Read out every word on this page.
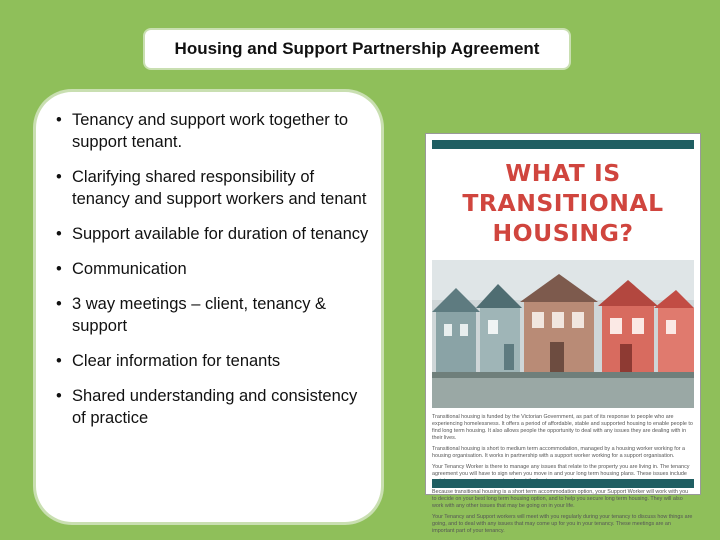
Housing and Support Partnership Agreement
• Tenancy and support work together to support tenant.
• Clarifying shared responsibility of tenancy and support workers and tenant
• Support available for duration of tenancy
• Communication
• 3 way meetings – client, tenancy & support
• Clear information for tenants
• Shared understanding and consistency of practice
WHAT IS
TRANSITIONAL
HOUSING?
Transitional housing is funded by the Victorian Government, as part of its response to people who are experiencing homelessness. It offers a period of affordable, stable and supported housing to enable people to find long term housing. It also allows people the opportunity to deal with any issues they are dealing with in their lives.
Transitional housing is short to medium term accommodation, managed by a housing worker working for a housing organisation. It works in partnership with a support worker working for a support organisation.
Your Tenancy Worker is there to manage any issues that relate to the property you are living in. The tenancy agreement you will have to sign when you move in and your long term housing plans. These issues include
Because transitional housing is a short term accommodation option, your Support Worker will work with you to decide on your best long term housing option, and to help you secure long term housing. They will also work with any other issues that may be going on in your life.
Your Tenancy and Support workers will meet with you regularly during your tenancy to discuss how things are going, and to deal with any issues that may come up for you in your tenancy. These meetings are an important part of your tenancy.
